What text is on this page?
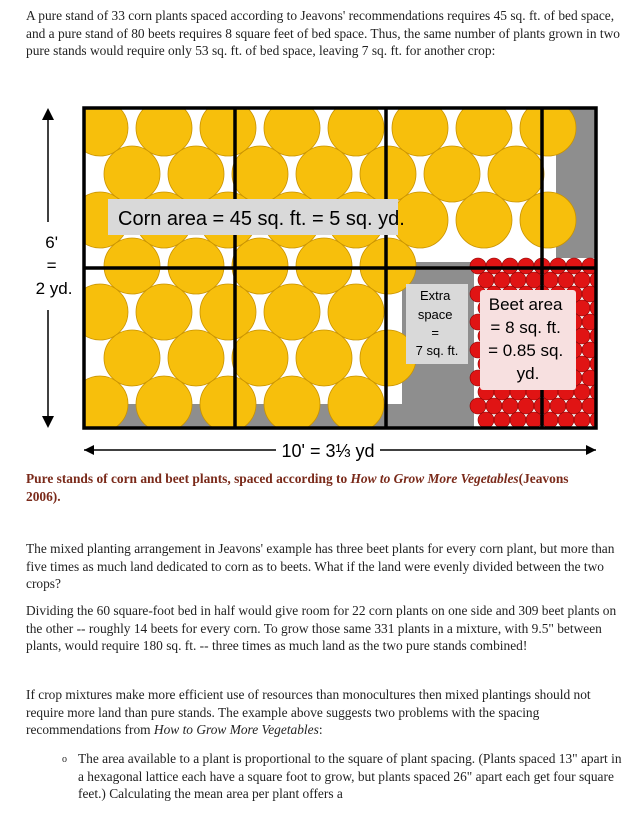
A pure stand of 33 corn plants spaced according to Jeavons' recommendations requires 45 sq. ft. of bed space, and a pure stand of 80 beets requires 8 square feet of bed space. Thus, the same number of plants grown in two pure stands would require only 53 sq. ft. of bed space, leaving 7 sq. ft. for another crop:

Corn area = 45 sq. ft. = 5 sq. yd.
Extra space = 7 sq. ft.
Beet area = 8 sq. ft. = 0.85 sq. yd.
6' = 2 yd.
10' = 3⅓ yd

Pure stands of corn and beet plants, spaced according to How to Grow More Vegetables(Jeavons 2006).

The mixed planting arrangement in Jeavons' example has three beet plants for every corn plant, but more than five times as much land dedicated to corn as to beets. What if the land were evenly divided between the two crops?

Dividing the 60 square-foot bed in half would give room for 22 corn plants on one side and 309 beet plants on the other -- roughly 14 beets for every corn. To grow those same 331 plants in a mixture, with 9.5" between plants, would require 180 sq. ft. -- three times as much land as the two pure stands combined!

If crop mixtures make more efficient use of resources than monocultures then mixed plantings should not require more land than pure stands. The example above suggests two problems with the spacing recommendations from How to Grow More Vegetables:

o The area available to a plant is proportional to the square of plant spacing. (Plants spaced 13" apart in a hexagonal lattice each have a square foot to grow, but plants spaced 26" apart each get four square feet.) Calculating the mean area per plant offers a
